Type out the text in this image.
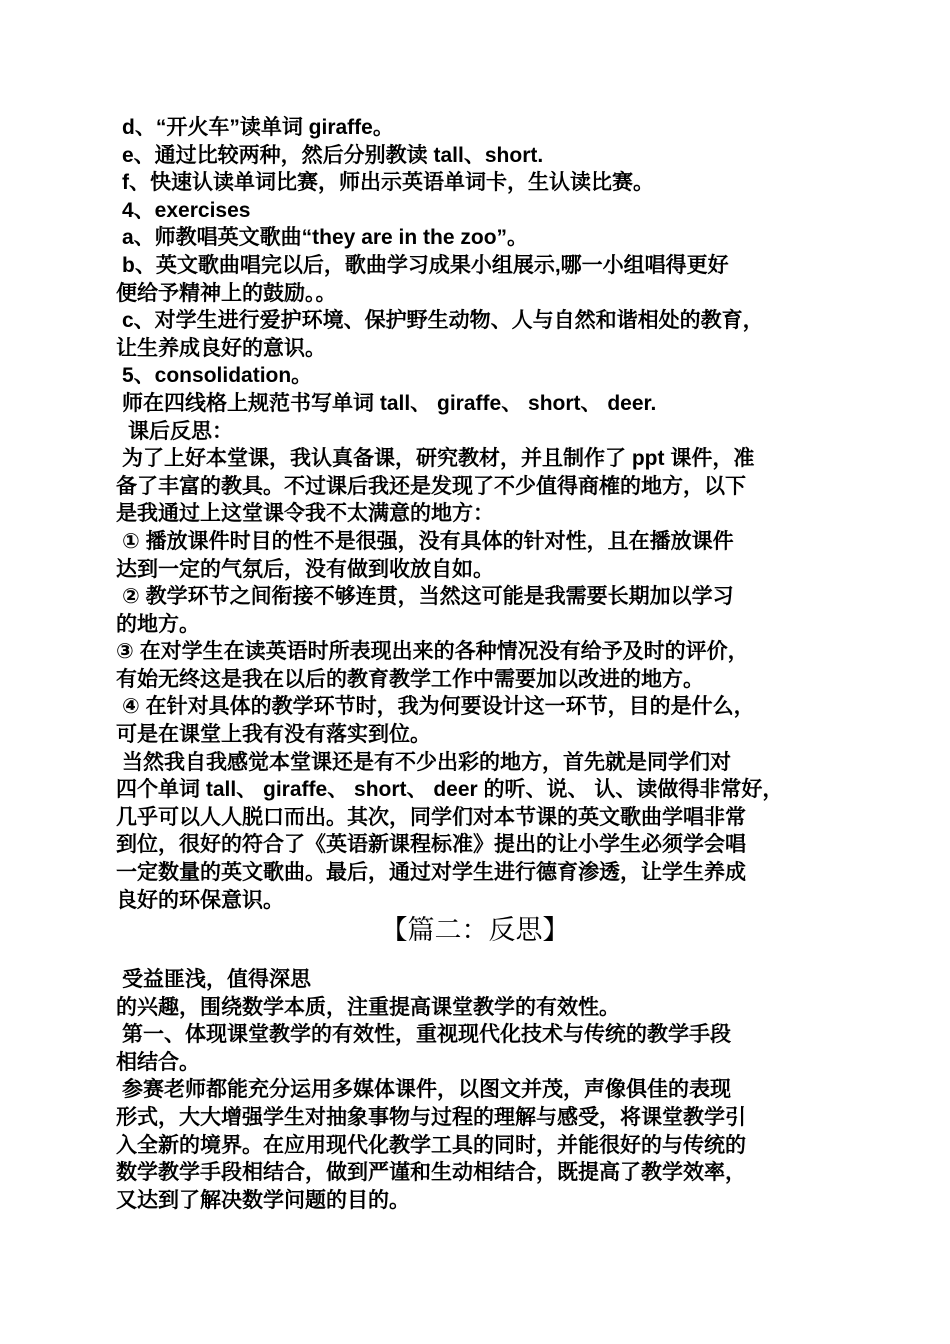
d、“开火车”读单词 giraffe。
e、通过比较两种，然后分别教读 tall、short.
f、快速认读单词比赛，师出示英语单词卡，生认读比赛。
4、exercises
a、师教唱英文歌曲“they are in the zoo”。
b、英文歌曲唱完以后，歌曲学习成果小组展示,哪一小组唱得更好
便给予精神上的鼓励。。
c、对学生进行爱护环境、保护野生动物、人与自然和谐相处的教育，
让生养成良好的意识。
5、consolidation。
师在四线格上规范书写单词 tall、 giraffe、 short、 deer.
课后反思：
为了上好本堂课，我认真备课，研究教材，并且制作了 ppt 课件，准
备了丰富的教具。不过课后我还是发现了不少值得商榷的地方，以下
是我通过上这堂课令我不太满意的地方：
① 播放课件时目的性不是很强，没有具体的针对性，且在播放课件
达到一定的气氛后，没有做到收放自如。
② 教学环节之间衔接不够连贯，当然这可能是我需要长期加以学习
的地方。
③ 在对学生在读英语时所表现出来的各种情况没有给予及时的评价，
有始无终这是我在以后的教育教学工作中需要加以改进的地方。
④ 在针对具体的教学环节时，我为何要设计这一环节，目的是什么，
可是在课堂上我有没有落实到位。
当然我自我感觉本堂课还是有不少出彩的地方，首先就是同学们对
四个单词 tall、 giraffe、 short、 deer 的听、说、 认、读做得非常好，
几乎可以人人脱口而出。其次，同学们对本节课的英文歌曲学唱非常
到位，很好的符合了《英语新课程标准》提出的让小学生必须学会唱
一定数量的英文歌曲。最后，通过对学生进行德育渗透，让学生养成
良好的环保意识。
【篇二：反思】
受益匪浅，值得深思
的兴趣，围绕数学本质，注重提高课堂教学的有效性。
第一、体现课堂教学的有效性，重视现代化技术与传统的教学手段
相结合。
参赛老师都能充分运用多媒体课件，以图文并茂，声像俱佳的表现
形式，大大增强学生对抽象事物与过程的理解与感受，将课堂教学引
入全新的境界。在应用现代化教学工具的同时，并能很好的与传统的
数学教学手段相结合，做到严谨和生动相结合，既提高了教学效率，
又达到了解决数学问题的目的。
